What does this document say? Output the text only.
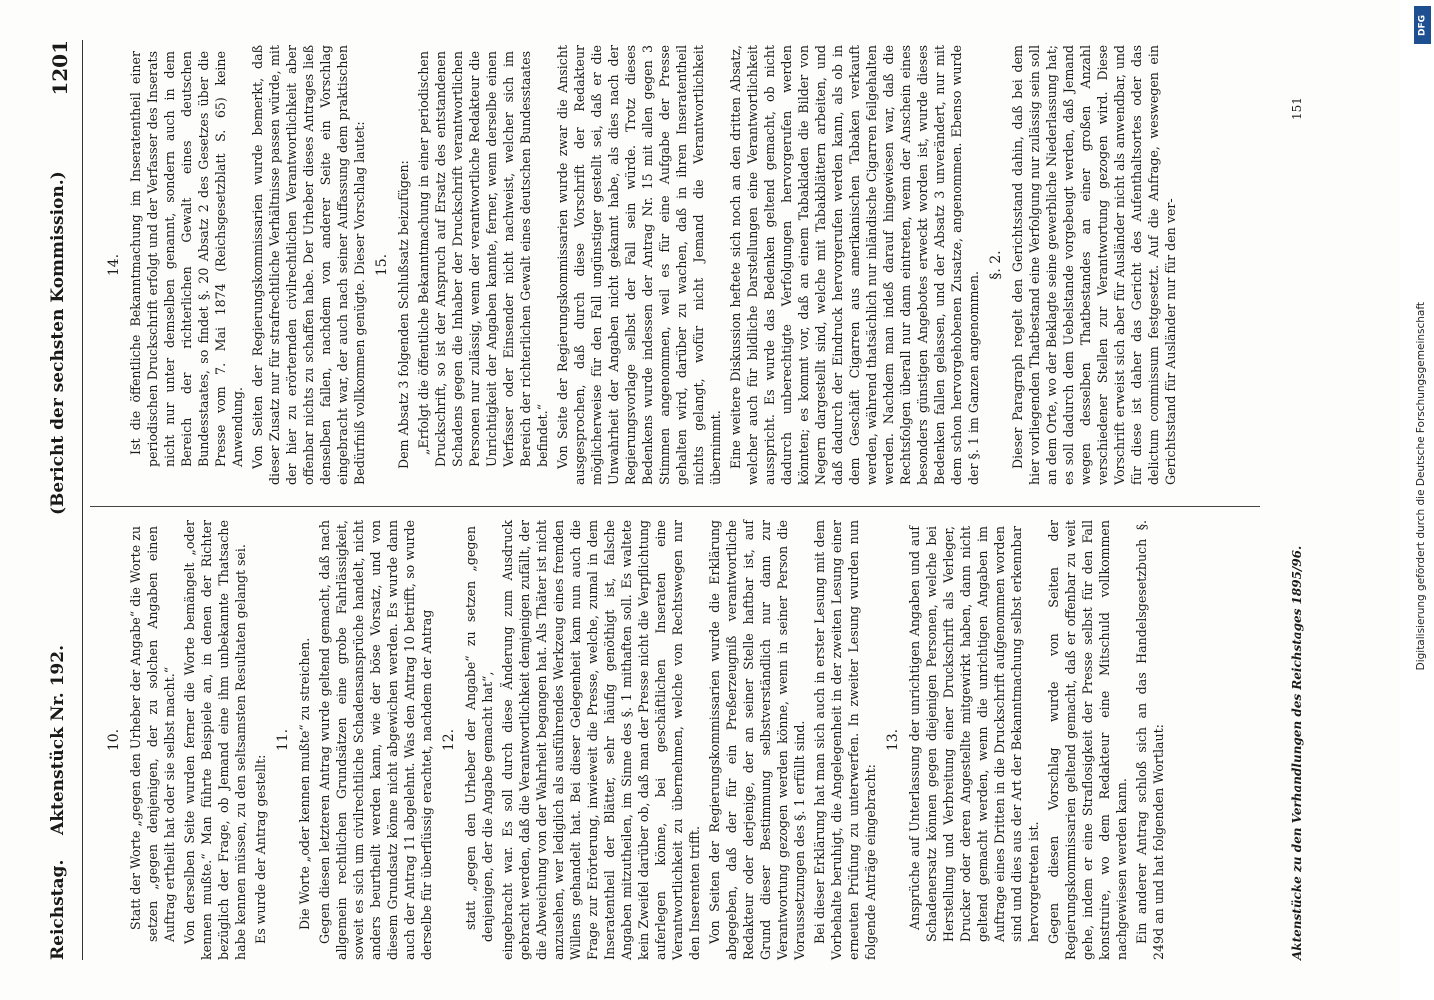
Reichstag.
Aktenstück Nr. 192.
(Bericht der sechsten Kommission.)
1201
10. Statt der Worte „gegen den Urheber der Angabe“ die Worte zu setzen „gegen denjenigen, der zu solchen Angaben einen Auftrag ertheilt hat oder sie selbst macht.“ Von derselben Seite wurden ferner die Worte bemängelt „oder kennen mußte.“ Man führte Beispiele an, in denen der Richter bezüglich der Frage, ob Jemand eine ihm unbekannte Thatsache habe kennen müssen, zu den seltsamsten Resultaten gelangt sei. Es wurde der Antrag gestellt:

11. Die Worte „oder kennen mußte“ zu streichen. Gegen diesen letzteren Antrag wurde geltend gemacht, daß nach allgemein rechtlichen Grundsätzen eine grobe Fahrlässigkeit, soweit es sich um civilrechtliche Schadensansprüche handelt, nicht anders beurtheilt werden kann, wie der böse Vorsatz, und von diesem Grundsatz könne nicht abgewichen werden. Es wurde dann auch der Antrag 11 abgelehnt. Was den Antrag 10 betrifft, so wurde derselbe für überflüssig erachtet, nachdem der Antrag 12. statt „gegen den Urheber der Angabe“ zu setzen „gegen denjenigen, der die Angabe gemacht hat“, eingebracht war. Es soll durch diese Änderung zum Ausdruck gebracht werden, daß die Verantwortlichkeit demjenigen zufällt, der die Abweichung von der Wahrheit begangen hat. Als Thäter ist nicht anzusehen, wer lediglich als ausführendes Werkzeug eines fremden Willens gehandelt hat. Bei dieser Gelegenheit kam nun auch die Frage zur Erörterung, inwieweit die Presse, welche, zumal in dem Inseratentheil der Blätter, sehr häufig genöthigt ist, falsche Angaben mitzutheilen, im Sinne des §. 1 mithaften soll. Es waltete kein Zweifel darüber ob, daß man der Presse nicht die Verpflichtung auferlegen könne, bei geschäftlichen Inseraten eine Verantwortlichkeit zu übernehmen, welche von Rechtswegen nur den Inserenten trifft. Von Seiten der Regierungskommissarien wurde die Erklärung abgegeben, daß der für ein Preßerzeugniß verantwortliche Redakteur oder derjenige, der an seiner Stelle haftbar ist, auf Grund dieser Bestimmung selbstverständlich nur dann zur Verantwortung gezogen werden könne, wenn in seiner Person die Voraussetzungen des §. 1 erfüllt sind. Bei dieser Erklärung hat man sich auch in erster Lesung mit dem Vorbehalte beruhigt, die Angelegenheit in der zweiten Lesung einer erneuten Prüfung zu unterwerfen. In zweiter Lesung wurden nun folgende Anträge eingebracht:

13. Ansprüche auf Unterlassung der unrichtigen Angaben und auf Schadenersatz können gegen diejenigen Personen, welche bei Herstellung und Verbreitung einer Druckschrift als Verleger, Drucker oder deren Angestellte mitgewirkt haben, dann nicht geltend gemacht werden, wenn die unrichtigen Angaben im Auftrage eines Dritten in die Druckschrift aufgenommen worden sind und dies aus der Art der Bekanntmachung selbst erkennbar hervorgetreten ist. Gegen diesen Vorschlag wurde von Seiten der Regierungskommissarien geltend gemacht, daß er offenbar zu weit gehe, indem er eine Straflosigkeit der Presse selbst für den Fall konstruire, wo dem Redakteur eine Mitschuld vollkommen nachgewiesen werden kann. Ein anderer Antrag schloß sich an das Handelsgesetzbuch §. 249d an und hat folgenden Wortlaut:

14. Ist die öffentliche Bekanntmachung im Inseratentheil einer periodischen Druckschrift erfolgt und der Verfasser des Inserats nicht nur unter demselben genannt, sondern auch in dem Bereich der richterlichen Gewalt eines deutschen Bundesstaates, so findet §. 20 Absatz 2 des Gesetzes über die Presse vom 7. Mai 1874 (Reichsgesetzblatt S. 65) keine Anwendung. Von Seiten der Regierungskommissarien wurde bemerkt, daß dieser Zusatz nur für strafrechtliche Verhältnisse passen würde, mit der hier zu erörternden civilrechtlichen Verantwortlichkeit aber offenbar nichts zu schaffen habe. Der Urheber dieses Antrages ließ denselben fallen, nachdem von anderer Seite ein Vorschlag eingebracht war, der auch nach seiner Auffassung dem praktischen Bedürfniß vollkommen genügte. Dieser Vorschlag lautet: 15. Dem Absatz 3 folgenden Schlußsatz beizufügen: „Erfolgt die öffentliche Bekanntmachung in einer periodischen Druckschrift, so ist der Anspruch auf Ersatz des entstandenen Schadens gegen die Inhaber der Druckschrift verantwortlichen Personen nur zulässig, wenn der verantwortliche Redakteur die Unrichtigkeit der Angaben kannte, ferner, wenn derselbe einen Verfasser oder Einsender nicht nachweist, welcher sich im Bereich der richterlichen Gewalt eines deutschen Bundesstaates befindet.“ Von Seite der Regierungskommissarien wurde zwar die Ansicht ausgesprochen, daß durch diese Vorschrift der Redakteur möglicherweise für den Fall ungünstiger gestellt sei, daß er die Unwahrheit der Angaben nicht gekannt habe, als dies nach der Regierungsvorlage selbst der Fall sein würde. Trotz dieses Bedenkens wurde indessen der Antrag Nr. 15 mit allen gegen 3 Stimmen angenommen, weil es für eine Aufgabe der Presse gehalten wird, darüber zu wachen, daß in ihren Inseratentheil nichts gelangt, wofür nicht Jemand die Verantwortlichkeit übernimmt. Eine weitere Diskussion heftete sich noch an den dritten Absatz, welcher auch für bildliche Darstellungen eine Verantwortlichkeit ausspricht. Es wurde das Bedenken geltend gemacht, ob nicht dadurch unberechtigte Verfolgungen hervorgerufen werden könnten; es kommt vor, daß an einem Tabakladen die Bilder von Negern dargestellt sind, welche mit Tabakblättern arbeiten, und daß dadurch der Eindruck hervorgerufen werden kann, als ob in dem Geschäft Cigarren aus amerikanischen Tabaken verkauft werden, während thatsächlich nur inländische Cigarren feilgehalten werden. Nachdem man indeß darauf hingewiesen war, daß die Rechtsfolgen überall nur dann eintreten, wenn der Anschein eines besonders günstigen Angebotes erweckt worden ist, wurde dieses Bedenken fallen gelassen, und der Absatz 3 unverändert, nur mit dem schon hervorgehobenen Zusatze, angenommen. Ebenso wurde der §. 1 im Ganzen angenommen.

§. 2. Dieser Paragraph regelt den Gerichtsstand dahin, daß bei dem hier vorliegenden Thatbestand eine Verfolgung nur zulässig sein soll an dem Orte, wo der Beklagte seine gewerbliche Niederlassung hat; es soll dadurch dem Uebelstande vorgebeugt werden, daß Jemand wegen desselben Thatbestandes an einer großen Anzahl verschiedener Stellen zur Verantwortung gezogen wird. Diese Vorschrift erweist sich aber für Ausländer nicht als anwendbar, und für diese ist daher das Gericht des Aufenthaltsortes oder das delictum commissum festgesetzt. Auf die Anfrage, weswegen ein Gerichtsstand für Ausländer nur für den ver-

Aktenstücke zu den Verhandlungen des Reichstages 1895/96.
151
DFG
Digitalisierung gefördert durch die Deutsche Forschungsgemeinschaft
